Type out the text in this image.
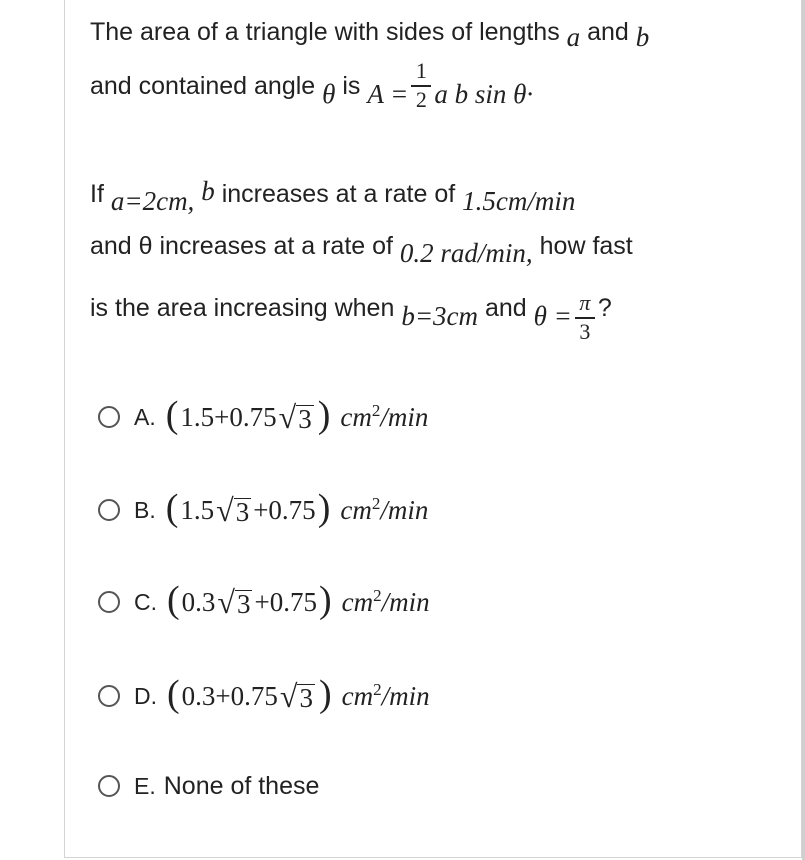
The area of a triangle with sides of lengths a and b
and contained angle
θ
is
$A = \frac{1}{2}$ a b sin θ·
If a=2cm, b increases at a rate of 1.5cm/min
and θ increases at a rate of 0.2 rad/min, how fast
is the area increasing when
b=3cm
and
$\theta = \frac{\pi}{3}$ ?
A. ( 1.5+0.75 √ 3 ) $cm^2/\min$
B. ( 1.5 √ 3 +0.75 ) $cm^2/\min$
C. ( 0.3 √ 3 +0.75 ) $cm^2/\min$
D. ( 0.3+0.75 √ 3 ) $cm^2/\min$
E. None of these
